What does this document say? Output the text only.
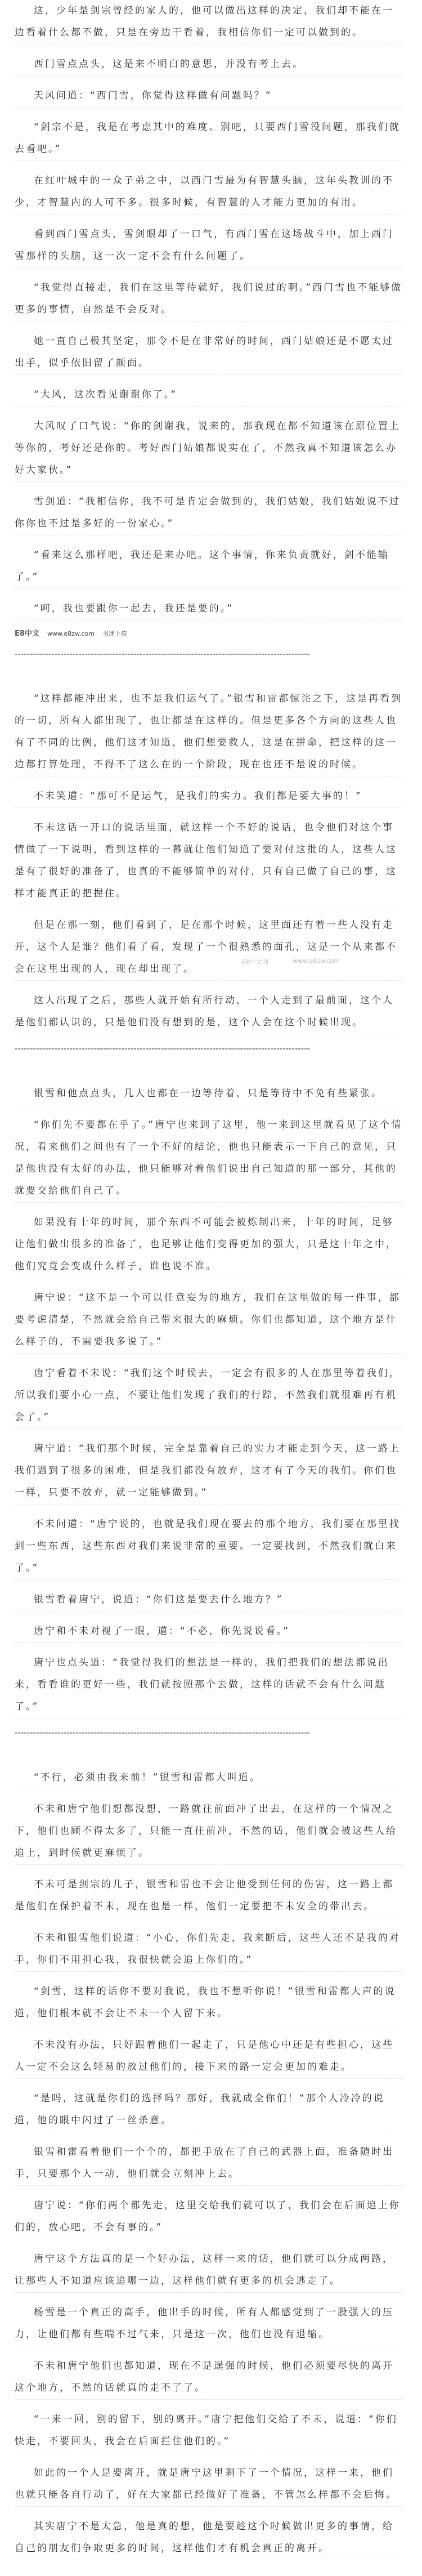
这，少年是剑宗曾经的家人的，他可以做出这样的决定，我们却不能在一边看着什么都不做，只是在旁边干看着，我相信你们一定可以做到的。

西门雪点点头，这是来不明白的意思，并没有考上去。

天风问道：“西门雪，你觉得这样做有问题吗？”

“剑宗不是，我是在考虑其中的难度。别吧，只要西门雪没问题，那我们就去看吧。”

在红叶城中的一众子弟之中，以西门雪最为有智慧头脑，这年头教训的不少，才智慧内的人可不多。很多时候，有智慧的人才能力更加的有用。

看到西门雪点头，雪剑眼却了一口气，有西门雪在这场战斗中，加上西门雪那样的头脑，这一次一定不会有什么问题了。

“我觉得直接走，我们在这里等待就好，我们说过的啊。”西门雪也不能够做更多的事情，自然是不会反对。

她一直自己极其坚定，那令不是在非常好的时间，西门姑娘还是不愿太过出手，似乎依旧留了颜面。

“大风，这次看见谢谢你了。”

大风叹了口气说：“你的剑谢我，说来的，那我现在都不知道该在原位置上等你的，考好还是你的。考好西门姑娘都说实在了，不然我真不知道该怎么办好大家伙。”

雪剑道：“我相信你，我不可是肯定会做到的，我们姑娘，我们姑娘说不过你你也不过是多好的一份家心。”

“看来这么那样吧，我还是来办吧。这个事情，你来负责就好，剑不能输了。”

“呵，我也要跟你一起去，我还是要的。”

E8中文 www.e8zw.com 书迷上传
-----

“这样都能冲出来，也不是我们运气了。”银雪和雷都惊诧之下，这是再看到的一切，所有人都出现了，也让都是在这样的。但是更多各个方向的这些人也有了不同的比例，他们这才知道，他们想要救人，这是在拼命，把这样的这一边都打算处理，不得不了这么在的一个阶段，现在也还不是说的时候。

不未笑道：“那可不是运气，是我们的实力。我们都是要大事的！”

不未这话一开口的说话里面，就这样一个不好的说话，也令他们对这个事情做了一下说明，看到这样的一幕就让他们知道了要对付这批的人，这些人这是有了很好的准备了，也真的不能够简单的对付，只有自己做了自己的事，这样才能真正的把握住。

但是在那一刻，他们看到了，是在那个时候，这里面还有着一些人没有走开，这个人是谁？他们看了看，发现了一个很熟悉的面孔，这是一个从来都不会在这里出现的人，现在却出现了。

这人出现了之后，那些人就开始有所行动，一个人走到了最前面，这个人是他们都认识的，只是他们没有想到的是，这个人会在这个时候出现。

-----

银雪和他点点头，几人也都在一边等待着，只是等待中不免有些紧张。

“你们先不要都在乎了。”唐宁也来到了这里，他一来到这里就看见了这个情况，看来他们之间也有了一个不好的结论，他也只能表示一下自己的意见，只是他也没有太好的办法，他只能够对着他们说出自己知道的那一部分，其他的就要交给他们自己了。

如果没有十年的时间，那个东西不可能会被炼制出来，十年的时间，足够让他们做出很多的准备了，也足够让他们变得更加的强大，只是这十年之中，他们究竟会变成什么样子，谁也说不准。

唐宁说：“这不是一个可以任意妄为的地方，我们在这里做的每一件事，都要考虑清楚，不然就会给自己带来很大的麻烦。你们也都知道，这个地方是什么样子的，不需要我多说了。”

唐宁看着不未说：“我们这个时候去，一定会有很多的人在那里等着我们，所以我们要小心一点，不要让他们发现了我们的行踪，不然我们就很难再有机会了。”

唐宁道：“我们那个时候，完全是靠着自己的实力才能走到今天，这一路上我们遇到了很多的困难，但是我们都没有放弃，这才有了今天的我们。你们也一样，只要不放弃，就一定能够做到。”

不未问道：“唐宁说的，也就是我们现在要去的那个地方，我们要在那里找到一些东西，这些东西对我们来说非常的重要。一定要找到，不然我们就白来了。”

银雪看着唐宁，说道：“你们这是要去什么地方？”

唐宁和不未对视了一眼，道：“不必，你先说说看。”

唐宁也点头道：“我觉得我们的想法是一样的，我们把我们的想法都说出来，看看谁的更好一些，我们就按照那个去做，这样的话就不会有什么问题了。”

-----

“不行，必须由我来前！”银雪和雷都大叫道。

不未和唐宁他们想都没想，一路就往前面冲了出去，在这样的一个情况之下，他们也顾不得太多了，只能一直往前冲，不然的话，他们就会被这些人给追上，到时候就更麻烦了。

不未可是剑宗的儿子，银雪和雷也不会让他受到任何的伤害，这一路上都是他们在保护着不未，现在也是一样，他们一定要把不未安全的带出去。

不未和银雪他们说道：“小心，你们先走，我来断后，这些人还不是我的对手，你们不用担心我，我很快就会追上你们的。”

“剑雪，这样的话你不要对我说，我也不想听你说！”银雪和雷都大声的说道，他们根本就不会让不未一个人留下来。

不未没有办法，只好跟着他们一起走了，只是他心中还是有些担心，这些人一定不会这么轻易的放过他们的，接下来的路一定会更加的难走。

“是吗，这就是你们的选择吗？那好，我就成全你们！”那个人冷冷的说道，他的眼中闪过了一丝杀意。

银雪和雷看着他们一个个的，都把手放在了自己的武器上面，准备随时出手，只要那个人一动，他们就会立刻冲上去。

唐宁说：“你们两个都先走，这里交给我们就可以了，我们会在后面追上你们的，放心吧，不会有事的。”

唐宁这个方法真的是一个好办法，这样一来的话，他们就可以分成两路，让那些人不知道应该追哪一边，这样他们就有更多的机会逃走了。

杨雪是一个真正的高手，他出手的时候，所有人都感觉到了一股强大的压力，让他们都有些喘不过气来，只是这一次，他们也没有退缩。

不未和唐宁他们也都知道，现在不是逞强的时候，他们必须要尽快的离开这个地方，不然的话就真的走不了了。

“一来一回，别的留下，别的离开。”唐宁把他们交给了不未，说道：“你们快走，不要回头，我会在后面拦住他们的。”

如此的一个人是要离开，就是唐宁这里剩下了一个情况，这样一来，他们也就只能各自行动了，好在大家都已经做好了准备，不管怎么样都不会后悔。

其实唐宁不是太急，他是真的想，他是要趁这个时候做出更多的事情，给自己的朋友们争取更多的时间，这样他们才有机会真正的离开。

E8中文网	www.e8zw.com
